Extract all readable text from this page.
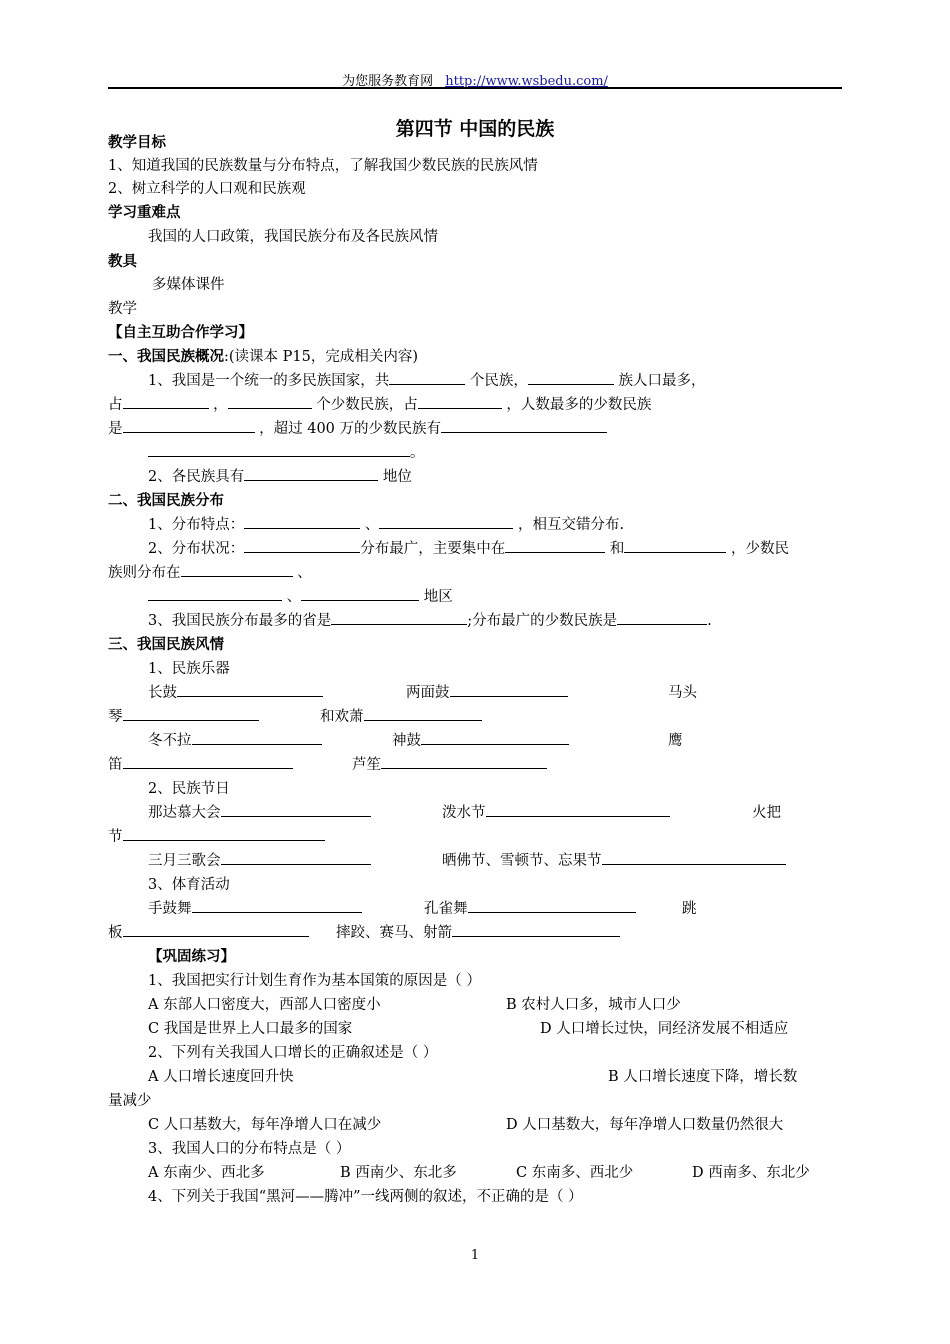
为您服务教育网 http://www.wsbedu.com/
第四节 中国的民族
教学目标
1、知道我国的民族数量与分布特点，了解我国少数民族的民族风情
2、树立科学的人口观和民族观
学习重难点
我国的人口政策，我国民族分布及各民族风情
教具
多媒体课件
教学
【自主互助合作学习】
一、我国民族概况:(读课本 P15，完成相关内容)
1、我国是一个统一的多民族国家，共	个民族，	族人口最多，
占	，	个少数民族，占	，人数最多的少数民族
是	，超过 400 万的少数民族有
。
2、各民族具有	地位
二、我国民族分布
1、分布特点：	、	，相互交错分布.
2、分布状况：	分布最广，主要集中在	和	，少数民
族则分布在	、
、	地区
3、我国民族分布最多的省是	;分布最广的少数民族是	.
三、我国民族风情
1、民族乐器
长鼓	两面鼓	马头
琴	和欢萧
冬不拉	神鼓	鹰
笛	芦笙
2、民族节日
那达慕大会	泼水节	火把
节
三月三歌会	晒佛节、雪顿节、忘果节
3、体育活动
手鼓舞	孔雀舞	跳
板	摔跤、赛马、射箭
【巩固练习】
1、我国把实行计划生育作为基本国策的原因是（ ）
A 东部人口密度大，西部人口密度小	B 农村人口多，城市人口少
C 我国是世界上人口最多的国家	D 人口增长过快，同经济发展不相适应
2、下列有关我国人口增长的正确叙述是（ ）
A 人口增长速度回升快	B 人口增长速度下降，增长数
量减少
C 人口基数大，每年净增人口在减少	D 人口基数大，每年净增人口数量仍然很大
3、我国人口的分布特点是（ ）
A 东南少、西北多	B 西南少、东北多	C 东南多、西北少	D 西南多、东北少
4、下列关于我国“黑河——腾冲”一线两侧的叙述，不正确的是（ ）
1
